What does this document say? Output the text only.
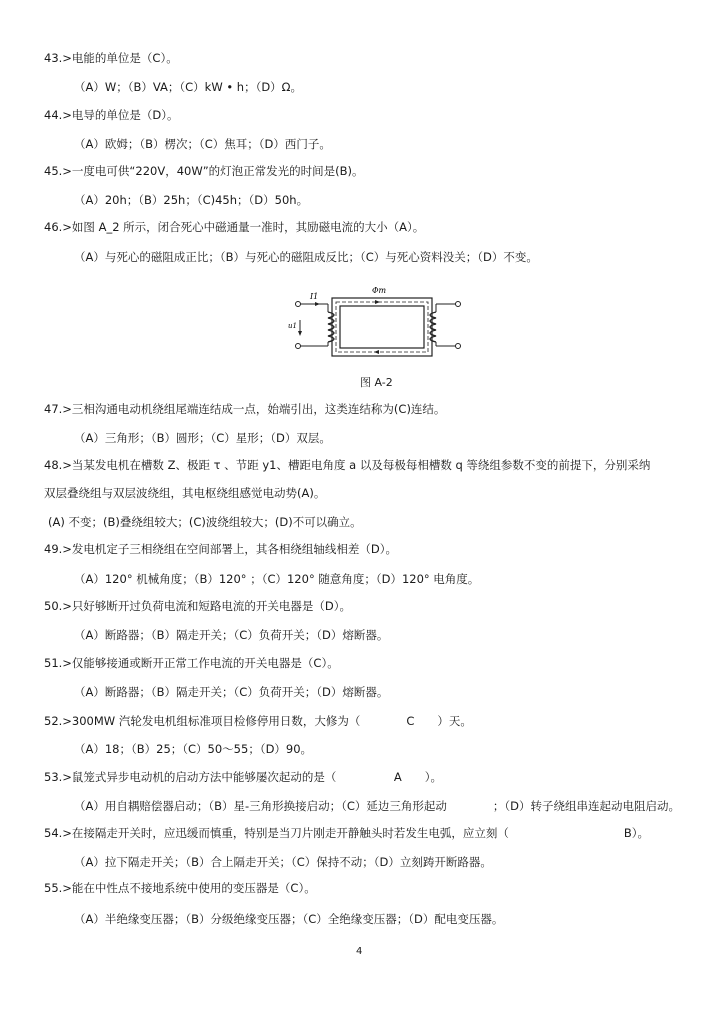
43.>电能的单位是（C）。
（A）W；（B）VA；（C）kW • h；（D）Ω。
44.>电导的单位是（D）。
（A）欧姆；（B）楞次；（C）焦耳；（D）西门子。
45.>一度电可供“220V，40W”的灯泡正常发光的时间是(B)。
（A）20h；（B）25h；（C)45h；（D）50h。
46.>如图 A_2 所示，闭合死心中磁通量一准时，其励磁电流的大小（A）。
（A）与死心的磁阻成正比；（B）与死心的磁阻成反比；（C）与死心资料没关；（D）不变。
I1
Φm
u1
图 A-2
47.>三相沟通电动机绕组尾端连结成一点，始端引出，这类连结称为(C)连结。
（A）三角形；（B）圆形；（C）星形；（D）双层。
48.>当某发电机在槽数 Z、极距 τ 、节距 y1、槽距电角度 a 以及每极每相槽数 q 等绕组参数不变的前提下，分别采纳
双层叠绕组与双层波绕组，其电枢绕组感觉电动势(A)。
(A) 不变；(B)叠绕组较大；(C)波绕组较大；(D)不可以确立。
49.>发电机定子三相绕组在空间部署上，其各相绕组轴线相差（D）。
（A）120° 机械角度；（B）120° ；（C）120° 随意角度；（D）120° 电角度。
50.>只好够断开过负荷电流和短路电流的开关电器是（D）。
（A）断路器；（B）隔走开关；（C）负荷开关；（D）熔断器。
51.>仅能够接通或断开正常工作电流的开关电器是（C）。
（A）断路器；（B）隔走开关；（C）负荷开关；（D）熔断器。
52.>300MW 汽轮发电机组标准项目检修停用日数，大修为（　　　　C　　）天。
（A）18；（B）25；（C）50～55；（D）90。
53.>鼠笼式异步电动机的启动方法中能够屡次起动的是（　　　　　A　　）。
（A）用自耦赔偿器启动；（B）星-三角形换接启动；（C）延边三角形起动　　　　；（D）转子绕组串连起动电阻启动。
54.>在接隔走开关时，应迅缓而慎重，特别是当刀片刚走开静触头时若发生电弧，应立刻（　　　　　　　　　　B）。
（A）拉下隔走开关；（B）合上隔走开关；（C）保持不动；（D）立刻踌开断路器。
55.>能在中性点不接地系统中使用的变压器是（C）。
（A）半绝缘变压器；（B）分级绝缘变压器；（C）全绝缘变压器；（D）配电变压器。
4
